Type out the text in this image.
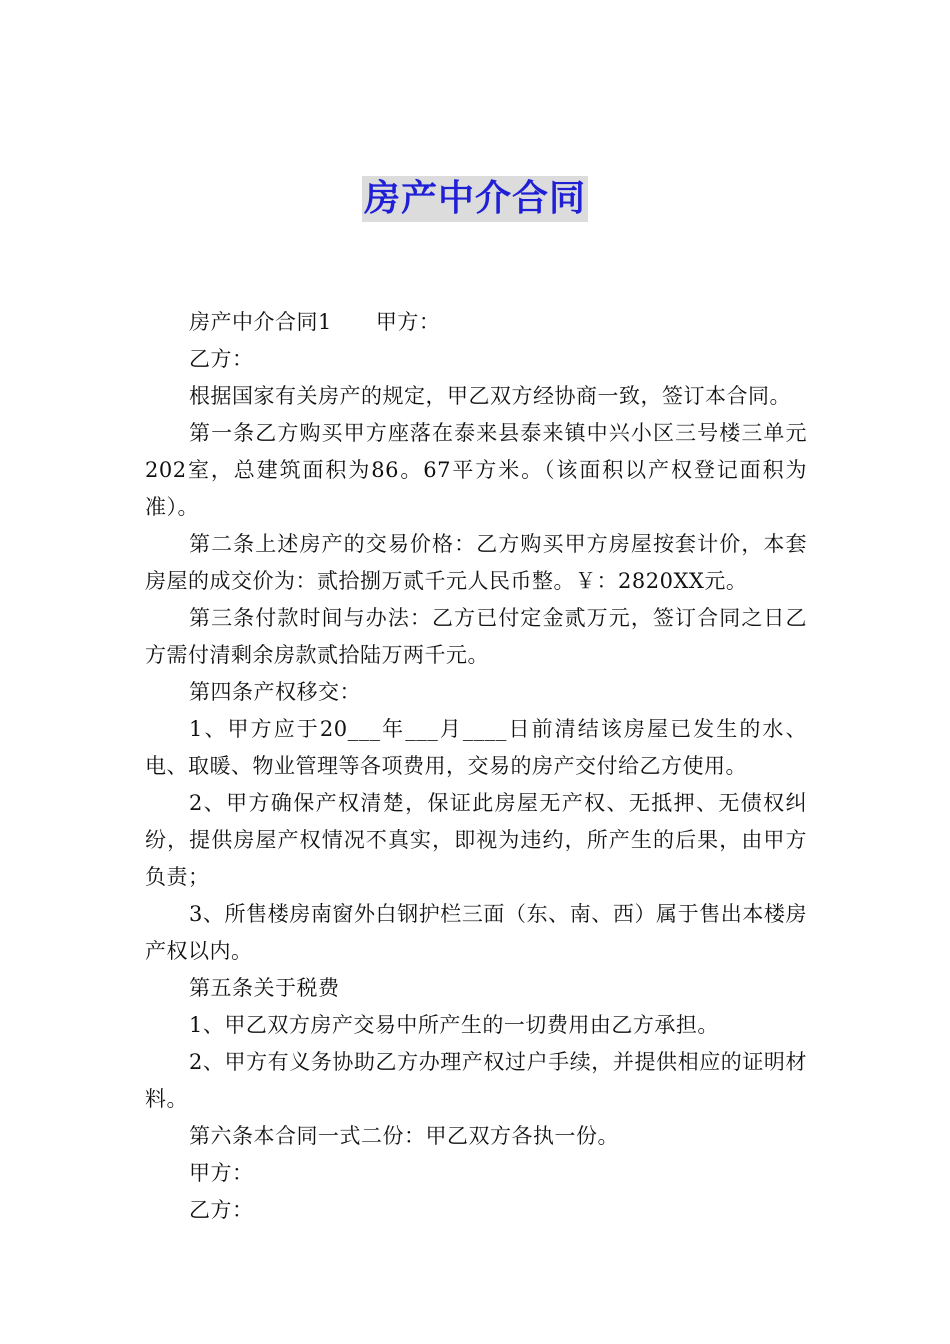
房产中介合同

房产中介合同1 甲方：

乙方：

根据国家有关房产的规定，甲乙双方经协商一致，签订本合同。

第一条乙方购买甲方座落在泰来县泰来镇中兴小区三号楼三单元202室，总建筑面积为86。67平方米。（该面积以产权登记面积为准）。

第二条上述房产的交易价格：乙方购买甲方房屋按套计价，本套房屋的成交价为：贰拾捌万贰千元人民币整。￥：2820XX元。

第三条付款时间与办法：乙方已付定金贰万元，签订合同之日乙方需付清剩余房款贰拾陆万两千元。

第四条产权移交：

1、甲方应于20___年___月____日前清结该房屋已发生的水、电、取暖、物业管理等各项费用，交易的房产交付给乙方使用。

2、甲方确保产权清楚，保证此房屋无产权、无抵押、无债权纠纷，提供房屋产权情况不真实，即视为违约，所产生的后果，由甲方负责；

3、所售楼房南窗外白钢护栏三面（东、南、西）属于售出本楼房产权以内。

第五条关于税费

1、甲乙双方房产交易中所产生的一切费用由乙方承担。

2、甲方有义务协助乙方办理产权过户手续，并提供相应的证明材料。

第六条本合同一式二份：甲乙双方各执一份。

甲方：

乙方：
